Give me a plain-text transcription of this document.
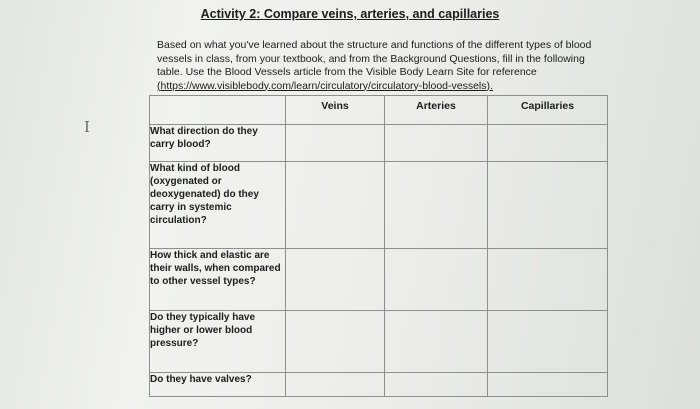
Activity 2: Compare veins, arteries, and capillaries

Based on what you've learned about the structure and functions of the different types of blood vessels in class, from your textbook, and from the Background Questions, fill in the following table. Use the Blood Vessels article from the Visible Body Learn Site for reference (https://www.visiblebody.com/learn/circulatory/circulatory-blood-vessels).

I
	Veins	Arteries	Capillaries
What direction do they carry blood?			
What kind of blood (oxygenated or deoxygenated) do they carry in systemic circulation?			
How thick and elastic are their walls, when compared to other vessel types?			
Do they typically have higher or lower blood pressure?			
Do they have valves?			
